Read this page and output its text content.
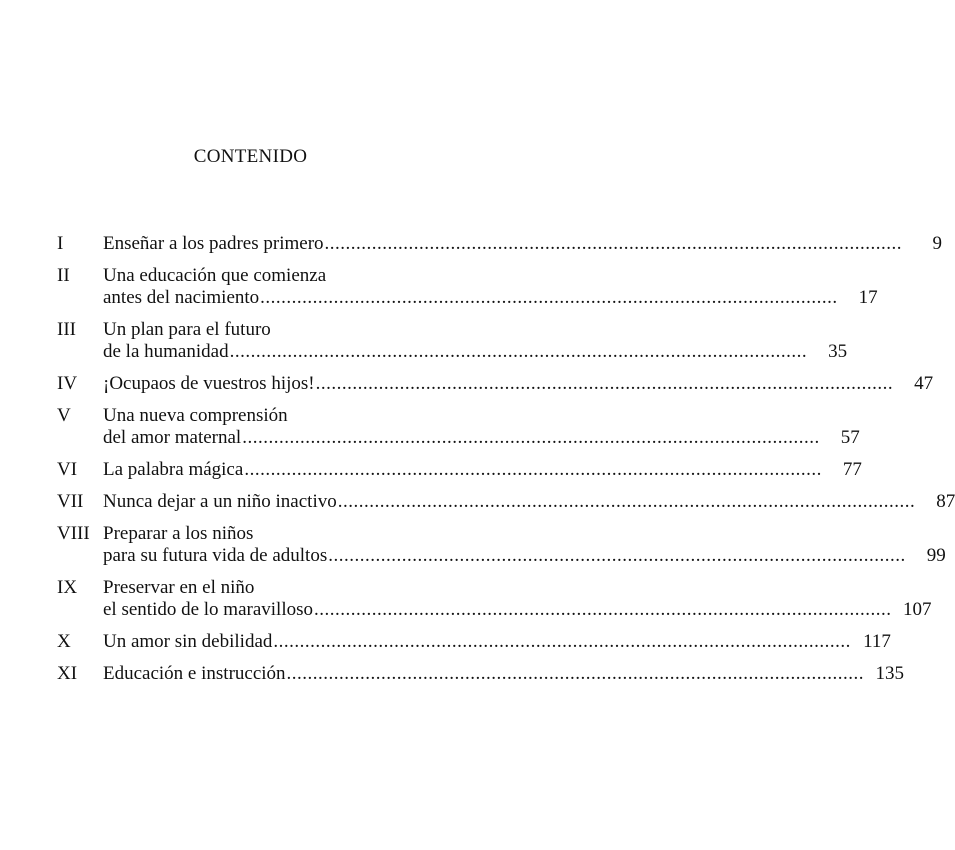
CONTENIDO
I	Enseñar a los padres primero .....	9
II	Una educación que comienza
antes del nacimiento .....	17
III	Un plan para el futuro
de la humanidad .....	35
IV	¡Ocupaos de vuestros hijos! .....	47
V	Una nueva comprensión
del amor maternal .....	57
VI	La palabra mágica .....	77
VII	Nunca dejar a un niño inactivo .....	87
VIII Preparar a los niños
para su futura vida de adultos .....	99
IX	Preservar en el niño
el sentido de lo maravilloso .....	107
X	Un amor sin debilidad .....	117
XI	Educación e instrucción .....	135
